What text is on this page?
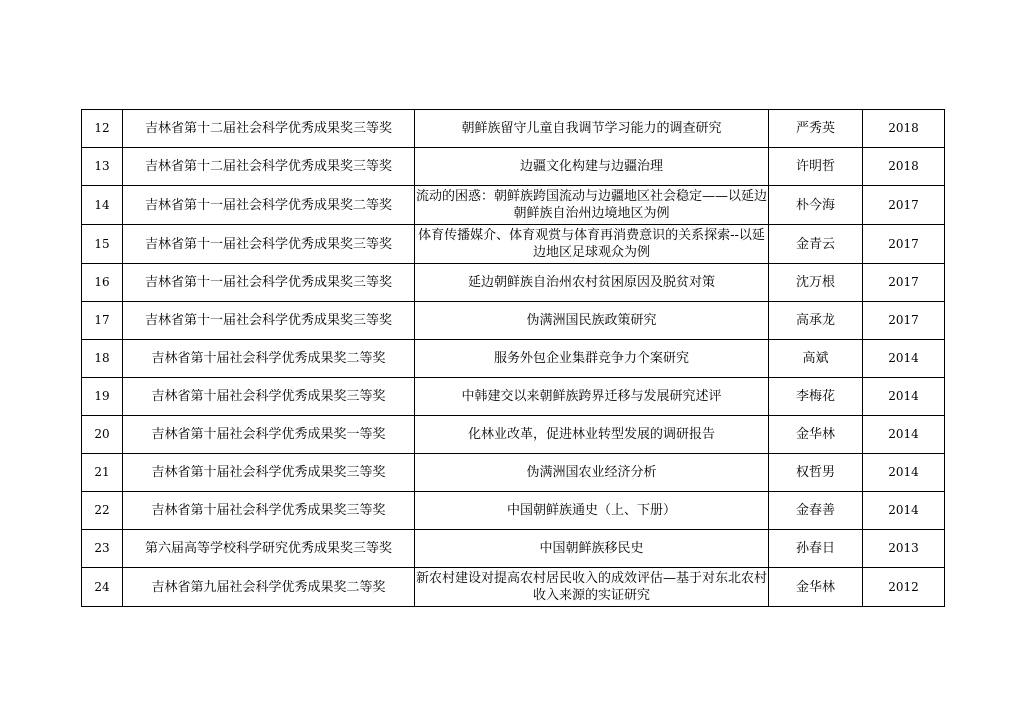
12	吉林省第十二届社会科学优秀成果奖三等奖	朝鲜族留守儿童自我调节学习能力的调查研究	严秀英	2018
13	吉林省第十二届社会科学优秀成果奖三等奖	边疆文化构建与边疆治理	许明哲	2018
14	吉林省第十一届社会科学优秀成果奖二等奖	流动的困惑：朝鲜族跨国流动与边疆地区社会稳定——以延边朝鲜族自治州边境地区为例	朴今海	2017
15	吉林省第十一届社会科学优秀成果奖三等奖	体育传播媒介、体育观赏与体育再消费意识的关系探索--以延边地区足球观众为例	金青云	2017
16	吉林省第十一届社会科学优秀成果奖三等奖	延边朝鲜族自治州农村贫困原因及脱贫对策	沈万根	2017
17	吉林省第十一届社会科学优秀成果奖三等奖	伪满洲国民族政策研究	高承龙	2017
18	吉林省第十届社会科学优秀成果奖二等奖	服务外包企业集群竞争力个案研究	高斌	2014
19	吉林省第十届社会科学优秀成果奖三等奖	中韩建交以来朝鲜族跨界迁移与发展研究述评	李梅花	2014
20	吉林省第十届社会科学优秀成果奖一等奖	化林业改革，促进林业转型发展的调研报告	金华林	2014
21	吉林省第十届社会科学优秀成果奖三等奖	伪满洲国农业经济分析	权哲男	2014
22	吉林省第十届社会科学优秀成果奖三等奖	中国朝鲜族通史（上、下册）	金春善	2014
23	第六届高等学校科学研究优秀成果奖三等奖	中国朝鲜族移民史	孙春日	2013
24	吉林省第九届社会科学优秀成果奖二等奖	新农村建设对提高农村居民收入的成效评估—基于对东北农村收入来源的实证研究	金华林	2012
